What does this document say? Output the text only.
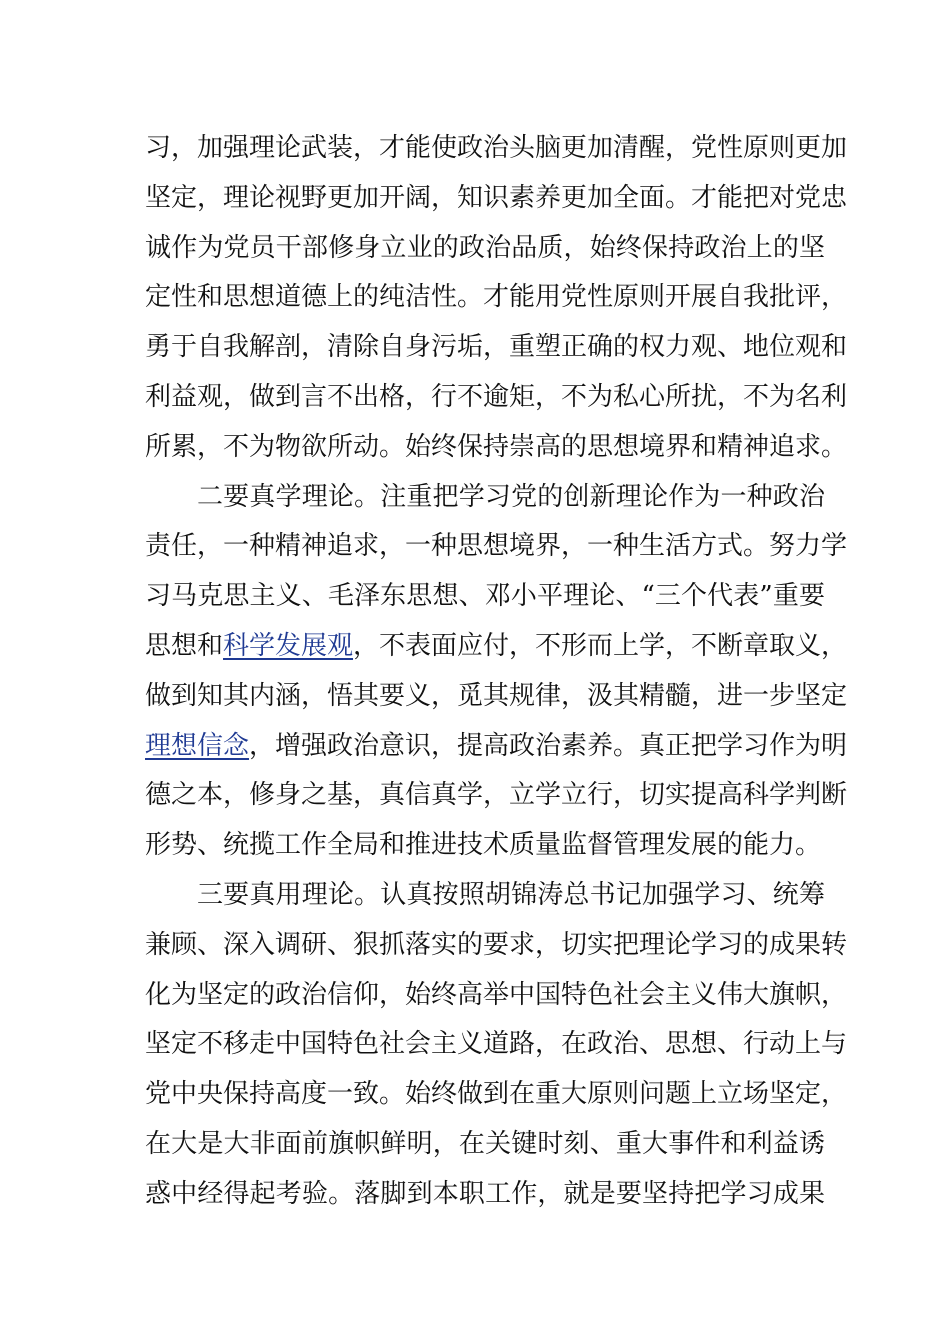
习，加强理论武装，才能使政治头脑更加清醒，党性原则更加
坚定，理论视野更加开阔，知识素养更加全面。才能把对党忠
诚作为党员干部修身立业的政治品质，始终保持政治上的坚
定性和思想道德上的纯洁性。才能用党性原则开展自我批评，
勇于自我解剖，清除自身污垢，重塑正确的权力观、地位观和
利益观，做到言不出格，行不逾矩，不为私心所扰，不为名利
所累，不为物欲所动。始终保持崇高的思想境界和精神追求。
二要真学理论。注重把学习党的创新理论作为一种政治
责任，一种精神追求，一种思想境界，一种生活方式。努力学
习马克思主义、毛泽东思想、邓小平理论、“三个代表”重要
思想和科学发展观，不表面应付，不形而上学，不断章取义，
做到知其内涵，悟其要义，觅其规律，汲其精髓，进一步坚定
理想信念，增强政治意识，提高政治素养。真正把学习作为明
德之本，修身之基，真信真学，立学立行，切实提高科学判断
形势、统揽工作全局和推进技术质量监督管理发展的能力。
三要真用理论。认真按照胡锦涛总书记加强学习、统筹
兼顾、深入调研、狠抓落实的要求，切实把理论学习的成果转
化为坚定的政治信仰，始终高举中国特色社会主义伟大旗帜，
坚定不移走中国特色社会主义道路，在政治、思想、行动上与
党中央保持高度一致。始终做到在重大原则问题上立场坚定，
在大是大非面前旗帜鲜明，在关键时刻、重大事件和利益诱
惑中经得起考验。落脚到本职工作，就是要坚持把学习成果
